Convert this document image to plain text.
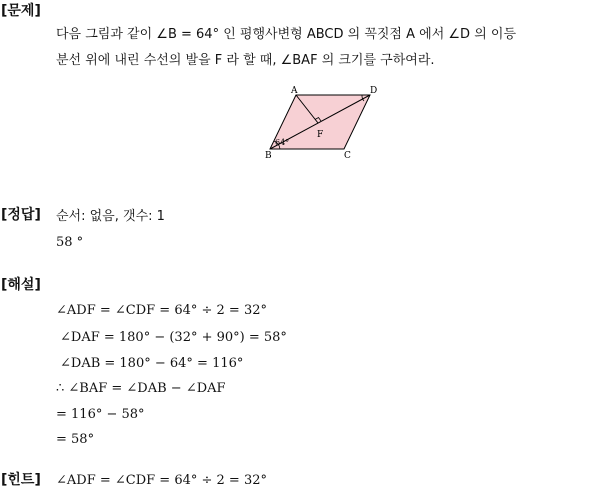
[문제]
다음 그림과 같이 ∠B = 64° 인 평행사변형 ABCD 의 꼭짓점 A 에서 ∠D 의 이등
분선 위에 내린 수선의 발을 F 라 할 때, ∠BAF 의 크기를 구하여라.
A	D
B	C
F
64°
[정답] 순서: 없음, 갯수: 1
58 °
[해설]
∠ADF = ∠CDF = 64° ÷ 2 = 32°
∠DAF = 180° − (32° + 90°) = 58°
∠DAB = 180° − 64° = 116°
∴ ∠BAF = ∠DAB − ∠DAF
= 116° − 58°
= 58°
[힌트] ∠ADF = ∠CDF = 64° ÷ 2 = 32°
